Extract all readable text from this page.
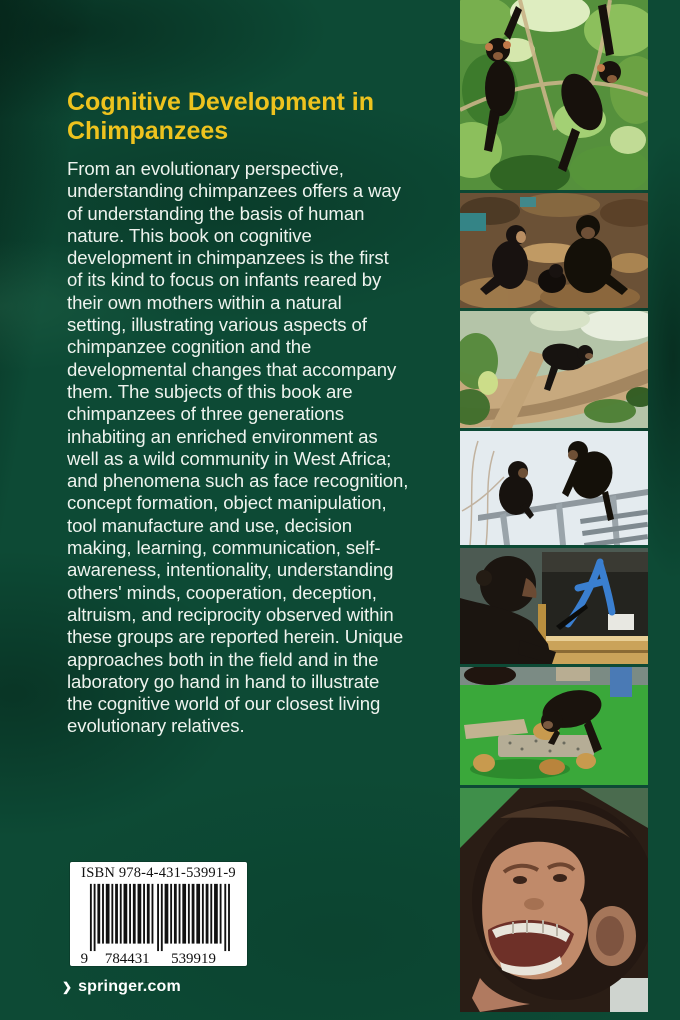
Cognitive Development in
Chimpanzees
From an evolutionary perspective,
understanding chimpanzees offers a way
of understanding the basis of human
nature. This book on cognitive
development in chimpanzees is the first
of its kind to focus on infants reared by
their own mothers within a natural
setting, illustrating various aspects of
chimpanzee cognition and the
developmental changes that accompany
them. The subjects of this book are
chimpanzees of three generations
inhabiting an enriched environment as
well as a wild community in West Africa;
and phenomena such as face recognition,
concept formation, object manipulation,
tool manufacture and use, decision
making, learning, communication, self-
awareness, intentionality, understanding
others' minds, cooperation, deception,
altruism, and reciprocity observed within
these groups are reported herein. Unique
approaches both in the field and in the
laboratory go hand in hand to illustrate
the cognitive world of our closest living
evolutionary relatives.
ISBN 978-4-431-53991-9
9 784431 539919
❯ springer.com
